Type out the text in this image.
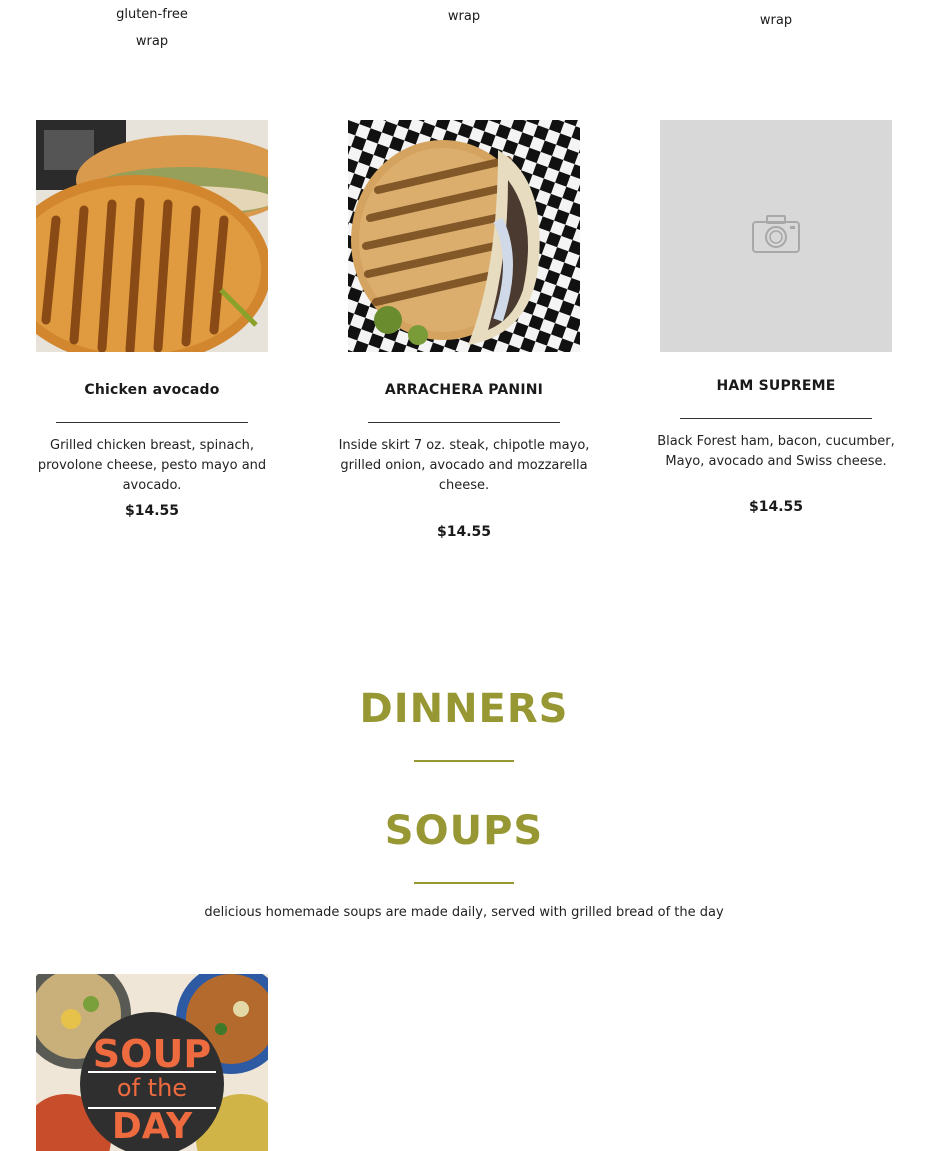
gluten-free
wrap
wrap	wrap
Chicken avocado
Grilled chicken breast, spinach, provolone cheese, pesto mayo and avocado.
$14.55
ARRACHERA PANINI
Inside skirt 7 oz. steak, chipotle mayo, grilled onion, avocado and mozzarella cheese.
$14.55
HAM SUPREME
Black Forest ham, bacon, cucumber, Mayo, avocado and Swiss cheese.
$14.55
DINNERS
SOUPS
delicious homemade soups are made daily, served with grilled bread of the day
SOUP
of the
DAY
